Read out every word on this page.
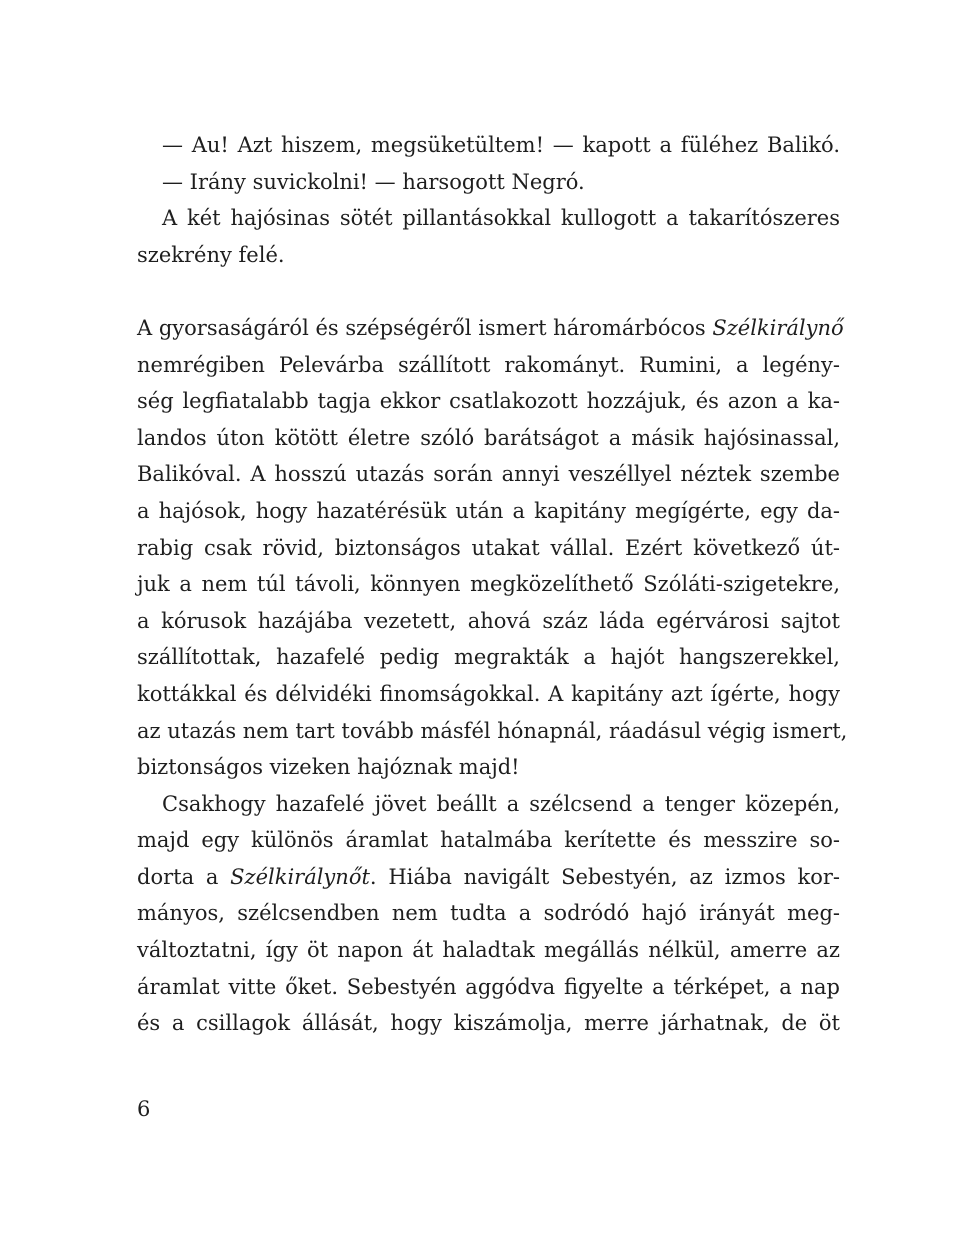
— Au! Azt hiszem, megsüketültem! — kapott a füléhez Balikó.
— Irány suvickolni! — harsogott Negró.
A két hajósinas sötét pillantásokkal kullogott a takarítószeres
szekrény felé.
A gyorsaságáról és szépségéről ismert háromárbócos Szélkirálynő
nemrégiben Pelevárba szállított rakományt. Rumini, a legény-
ség legfiatalabb tagja ekkor csatlakozott hozzájuk, és azon a ka-
landos úton kötött életre szóló barátságot a másik hajósinassal,
Balikóval. A hosszú utazás során annyi veszéllyel néztek szembe
a hajósok, hogy hazatérésük után a kapitány megígérte, egy da-
rabig csak rövid, biztonságos utakat vállal. Ezért következő út-
juk a nem túl távoli, könnyen megközelíthető Szóláti-szigetekre,
a kórusok hazájába vezetett, ahová száz láda egérvárosi sajtot
szállítottak, hazafelé pedig megrakták a hajót hangszerekkel,
kottákkal és délvidéki finomságokkal. A kapitány azt ígérte, hogy
az utazás nem tart tovább másfél hónapnál, ráadásul végig ismert,
biztonságos vizeken hajóznak majd!
Csakhogy hazafelé jövet beállt a szélcsend a tenger közepén,
majd egy különös áramlat hatalmába kerítette és messzire so-
dorta a Szélkirálynőt. Hiába navigált Sebestyén, az izmos kor-
mányos, szélcsendben nem tudta a sodródó hajó irányát meg-
változtatni, így öt napon át haladtak megállás nélkül, amerre az
áramlat vitte őket. Sebestyén aggódva figyelte a térképet, a nap
és a csillagok állását, hogy kiszámolja, merre járhatnak, de öt
6
